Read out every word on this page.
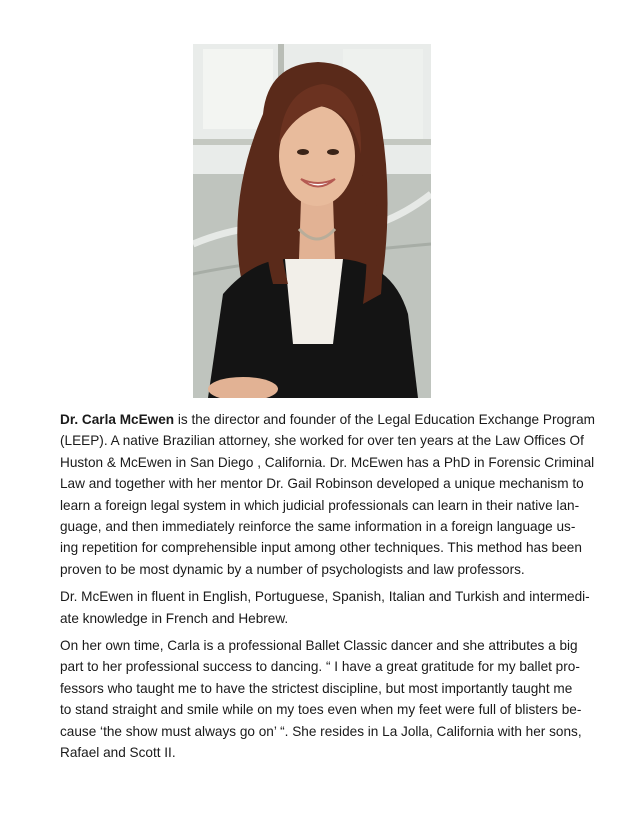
Dr. Carla McEwen is the director and founder of the Legal Education Exchange Program
(LEEP). A native Brazilian attorney, she worked for over ten years at the Law Offices Of
Huston & McEwen in San Diego , California. Dr. McEwen has a PhD in Forensic Criminal
Law and together with her mentor Dr. Gail Robinson developed a unique mechanism to
learn a foreign legal system in which judicial professionals can learn in their native lan-
guage, and then immediately reinforce the same information in a foreign language us-
ing repetition for comprehensible input among other techniques. This method has been
proven to be most dynamic by a number of psychologists and law professors.

Dr. McEwen in fluent in English, Portuguese, Spanish, Italian and Turkish and intermedi-
ate knowledge in French and Hebrew.

On her own time, Carla is a professional Ballet Classic dancer and she attributes a big
part to her professional success to dancing. “ I have a great gratitude for my ballet pro-
fessors who taught me to have the strictest discipline, but most importantly taught me
to stand straight and smile while on my toes even when my feet were full of blisters be-
cause ‘the show must always go on’ “. She resides in La Jolla, California with her sons,
Rafael and Scott II.
